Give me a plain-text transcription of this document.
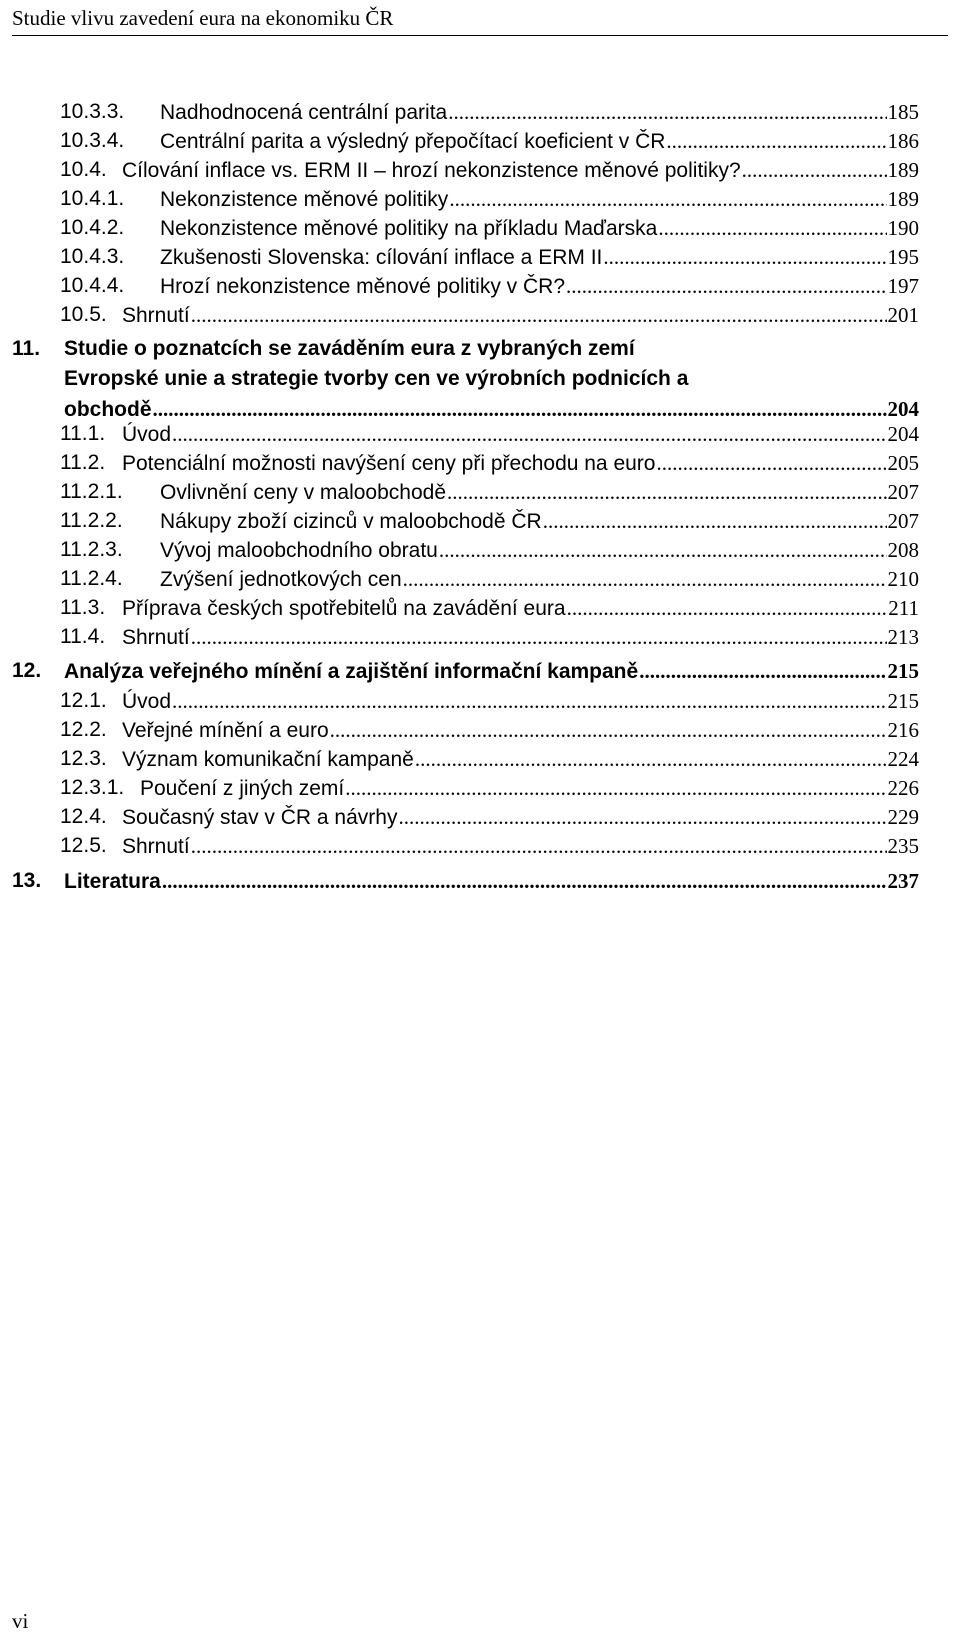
Studie vlivu zavedení eura na ekonomiku ČR
10.3.3. Nadhodnocená centrální parita .....	185
10.3.4. Centrální parita a výsledný přepočítací koeficient v ČR .....	186
10.4. Cílování inflace vs. ERM II – hrozí nekonzistence měnové politiky? .....	189
10.4.1. Nekonzistence měnové politiky .....	189
10.4.2. Nekonzistence měnové politiky na příkladu Maďarska .....	190
10.4.3. Zkušenosti Slovenska: cílování inflace a ERM II .....	195
10.4.4. Hrozí nekonzistence měnové politiky v ČR? .....	197
10.5. Shrnutí .....	201
11. Studie o poznatcích se zaváděním eura z vybraných zemí
Evropské unie a strategie tvorby cen ve výrobních podnicích a
obchodě .....	204
11.1. Úvod .....	204
11.2. Potenciální možnosti navýšení ceny při přechodu na euro .....	205
11.2.1. Ovlivnění ceny v maloobchodě .....	207
11.2.2. Nákupy zboží cizinců v maloobchodě ČR .....	207
11.2.3. Vývoj maloobchodního obratu .....	208
11.2.4. Zvýšení jednotkových cen .....	210
11.3. Příprava českých spotřebitelů na zavádění eura .....	211
11.4. Shrnutí .....	213
12. Analýza veřejného mínění a zajištění informační kampaně .....	215
12.1. Úvod .....	215
12.2. Veřejné mínění a euro .....	216
12.3. Význam komunikační kampaně .....	224
12.3.1. Poučení z jiných zemí .....	226
12.4. Současný stav v ČR a návrhy .....	229
12.5. Shrnutí .....	235
13. Literatura .....	237
vi
